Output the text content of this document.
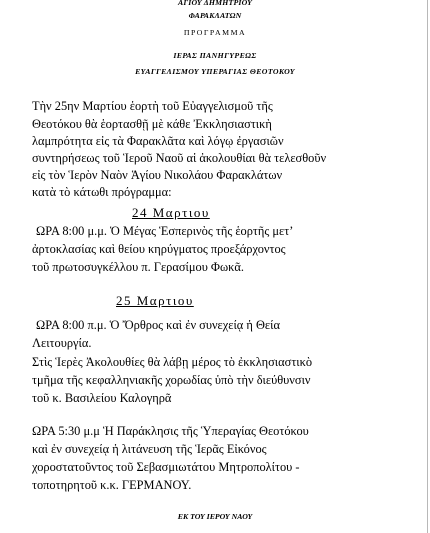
ΑΓΙΟΥ ΔΗΜΗΤΡΙΟΥ
ΦΑΡΑΚΛΑΤΩΝ
ΠΡΟΓΡΑΜΜΑ
ΙΕΡΑΣ ΠΑΝΗΓΥΡΕΩΣ
ΕΥΑΓΓΕΛΙΣΜΟΥ ΥΠΕΡΑΓΙΑΣ ΘΕΟΤΟΚΟΥ
Τὴν 25ην Μαρτίου ἑορτὴ τοῦ Εὐαγγελισμοῦ τῆς
Θεοτόκου θὰ ἑορτασθῇ μὲ κάθε Ἐκκλησιαστικὴ
λαμπρότητα εἰς τὰ Φαρακλᾶτα καὶ λόγῳ ἐργασιῶν
συντηρήσεως τοῦ Ἱεροῦ Ναοῦ αἱ ἀκολουθίαι θὰ τελεσθοῦν
εἰς τὸν Ἱερὸν Ναὸν Ἁγίου Νικολάου Φαρακλάτων
κατὰ τὸ κάτωθι πρόγραμμα:
24 Μαρτιου
ΩΡΑ 8:00 μ.μ. Ὁ Μέγας Ἑσπερινὸς τῆς ἑορτῆς μετ’
ἀρτοκλασίας καὶ θείου κηρύγματος προεξάρχοντος
τοῦ πρωτοσυγκέλλου π. Γερασίμου Φωκᾶ.
25 Μαρτιου
ΩΡΑ 8:00 π.μ. Ὁ Ὄρθρος καὶ ἐν συνεχείᾳ ἡ Θεία
Λειτουργία.
Στὶς Ἱερὲς Ἀκολουθίες θὰ λάβῃ μέρος τὸ ἐκκλησιαστικὸ
τμῆμα τῆς κεφαλληνιακῆς χορωδίας ὑπὸ τὴν διεύθυνσιν
τοῦ κ. Βασιλείου Καλογηρᾶ
ΩΡΑ 5:30 μ.μ Ἡ Παράκλησις τῆς Ὑπεραγίας Θεοτόκου
καὶ ἐν συνεχείᾳ ἡ λιτάνευση τῆς Ἱερᾶς Εἰκόνος
χοροστατοῦντος τοῦ Σεβασμιωτάτου Μητροπολίτου -
τοποτηρητοῦ κ.κ. ΓΕΡΜΑΝΟΥ.
ΕΚ ΤΟΥ ΙΕΡΟΥ ΝΑΟΥ
